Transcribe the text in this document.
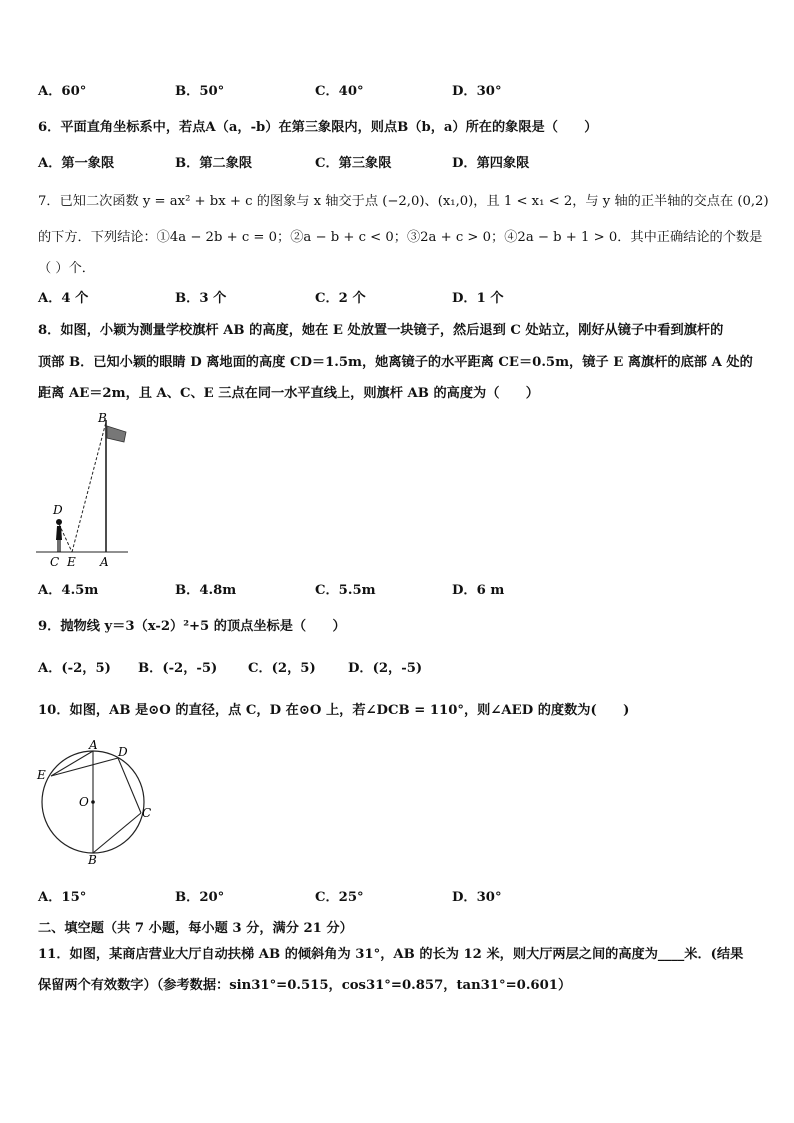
A．60°	B．50°	C．40°	D．30°
6．平面直角坐标系中，若点A（a，-b）在第三象限内，则点B（b，a）所在的象限是（　　）
A．第一象限	B．第二象限	C．第三象限	D．第四象限
7．已知二次函数 y = ax² + bx + c 的图象与 x 轴交于点 (−2,0)、(x₁,0)，且 1 < x₁ < 2，与 y 轴的正半轴的交点在 (0,2)
的下方．下列结论：①4a − 2b + c = 0；②a − b + c < 0；③2a + c > 0；④2a − b + 1 > 0．其中正确结论的个数是
（ ）个．
A．4 个	B．3 个	C．2 个	D．1 个
8．如图，小颖为测量学校旗杆 AB 的高度，她在 E 处放置一块镜子，然后退到 C 处站立，刚好从镜子中看到旗杆的
顶部 B．已知小颖的眼睛 D 离地面的高度 CD＝1.5m，她离镜子的水平距离 CE＝0.5m，镜子 E 离旗杆的底部 A 处的
距离 AE＝2m，且 A、C、E 三点在同一水平直线上，则旗杆 AB 的高度为（　　）
B
D
C E A
A．4.5m	B．4.8m	C．5.5m	D．6 m
9．抛物线 y＝3（x-2）²+5 的顶点坐标是（　　）
A．(-2，5) B．(-2，-5) C．(2，5) D．(2，-5)
10．如图，AB 是⊙O 的直径，点 C，D 在⊙O 上，若∠DCB = 110°，则∠AED 的度数为(　　)
A D
E
O
C
B
A．15°	B．20°	C．25°	D．30°
二、填空题（共 7 小题，每小题 3 分，满分 21 分）
11．如图，某商店营业大厅自动扶梯 AB 的倾斜角为 31°，AB 的长为 12 米，则大厅两层之间的高度为____米．(结果
保留两个有效数字）（参考数据：sin31°=0.515，cos31°=0.857，tan31°=0.601）
